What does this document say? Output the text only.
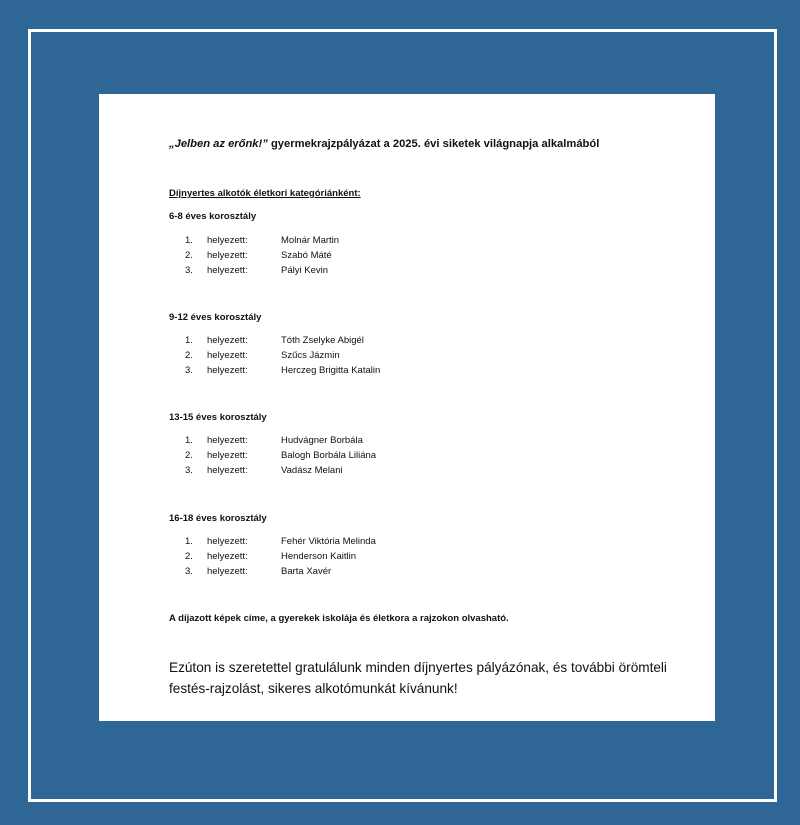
„Jelben az erőnk!” gyermekrajzpályázat a 2025. évi siketek világnapja alkalmából
Díjnyertes alkotók életkori kategóriánként:
6-8 éves korosztály
1. helyezett:	Molnár Martin
2. helyezett:	Szabó Máté
3. helyezett:	Pályi Kevin
9-12 éves korosztály
1. helyezett:	Tóth Zselyke Abigél
2. helyezett:	Szűcs Jázmin
3. helyezett:	Herczeg Brigitta Katalin
13-15 éves korosztály
1. helyezett:	Hudvágner Borbála
2. helyezett:	Balogh Borbála Liliána
3. helyezett:	Vadász Melani
16-18 éves korosztály
1. helyezett:	Fehér Viktória Melinda
2. helyezett:	Henderson Kaitlin
3. helyezett:	Barta Xavér
A díjazott képek címe, a gyerekek iskolája és életkora a rajzokon olvasható.
Ezúton is szeretettel gratulálunk minden díjnyertes pályázónak, és további örömteli festés-rajzolást, sikeres alkotómunkát kívánunk!
